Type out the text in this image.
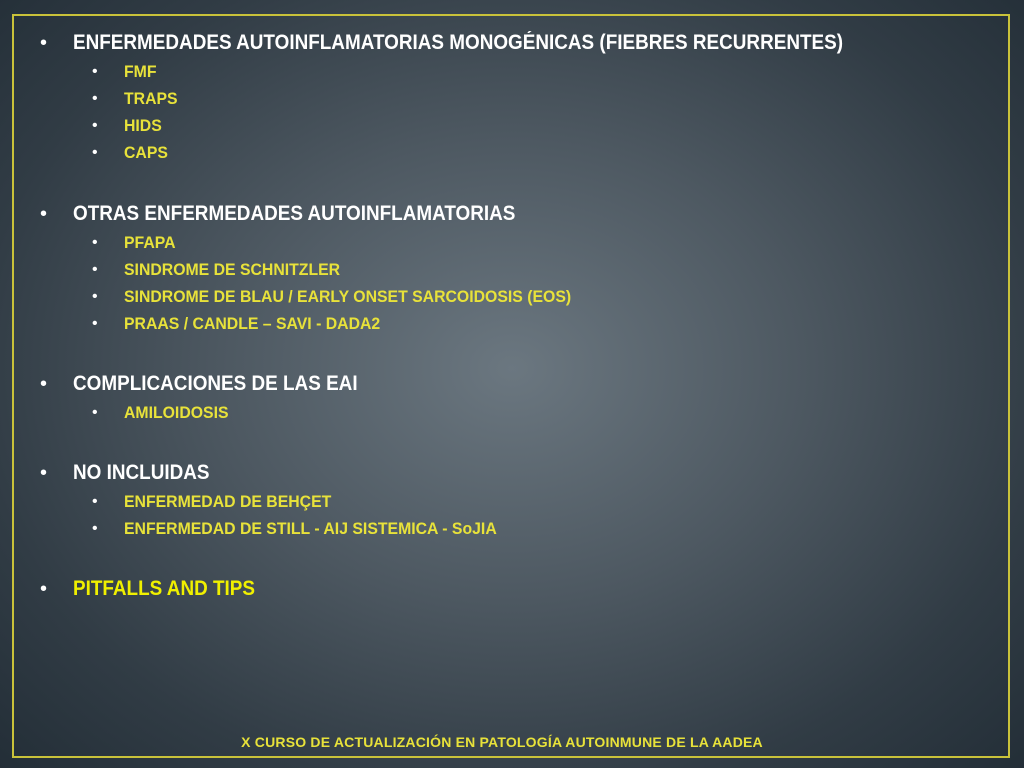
• ENFERMEDADES AUTOINFLAMATORIAS MONOGÉNICAS (FIEBRES RECURRENTES)
• FMF
• TRAPS
• HIDS
• CAPS
• OTRAS ENFERMEDADES AUTOINFLAMATORIAS
• PFAPA
• SINDROME DE SCHNITZLER
• SINDROME DE BLAU / EARLY ONSET SARCOIDOSIS (EOS)
• PRAAS / CANDLE – SAVI - DADA2
• COMPLICACIONES DE LAS EAI
• AMILOIDOSIS
• NO INCLUIDAS
• ENFERMEDAD DE BEHÇET
• ENFERMEDAD DE STILL - AIJ SISTEMICA - SoJIA
• PITFALLS AND TIPS
X CURSO DE ACTUALIZACIÓN EN PATOLOGÍA AUTOINMUNE DE LA AADEA
